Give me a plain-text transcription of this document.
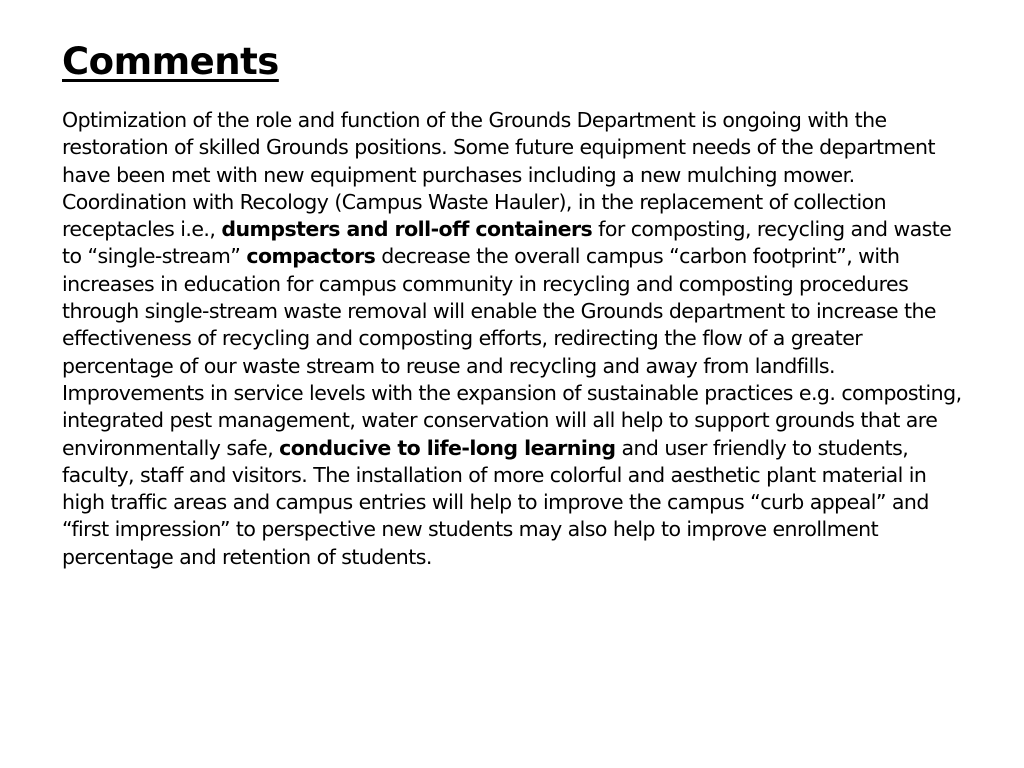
Comments

Optimization of the role and function of the Grounds Department is ongoing with the restoration of skilled Grounds positions. Some future equipment needs of the department have been met with new equipment purchases including a new mulching mower. Coordination with Recology (Campus Waste Hauler), in the replacement of collection receptacles i.e., dumpsters and roll-off containers for composting, recycling and waste to “single-stream” compactors decrease the overall campus “carbon footprint”, with increases in education for campus community in recycling and composting procedures through single-stream waste removal will enable the Grounds department to increase the effectiveness of recycling and composting efforts, redirecting the flow of a greater percentage of our waste stream to reuse and recycling and away from landfills. Improvements in service levels with the expansion of sustainable practices e.g. composting, integrated pest management, water conservation will all help to support grounds that are environmentally safe, conducive to life-long learning and user friendly to students, faculty, staff and visitors. The installation of more colorful and aesthetic plant material in high traffic areas and campus entries will help to improve the campus “curb appeal” and “first impression” to perspective new students may also help to improve enrollment percentage and retention of students.
